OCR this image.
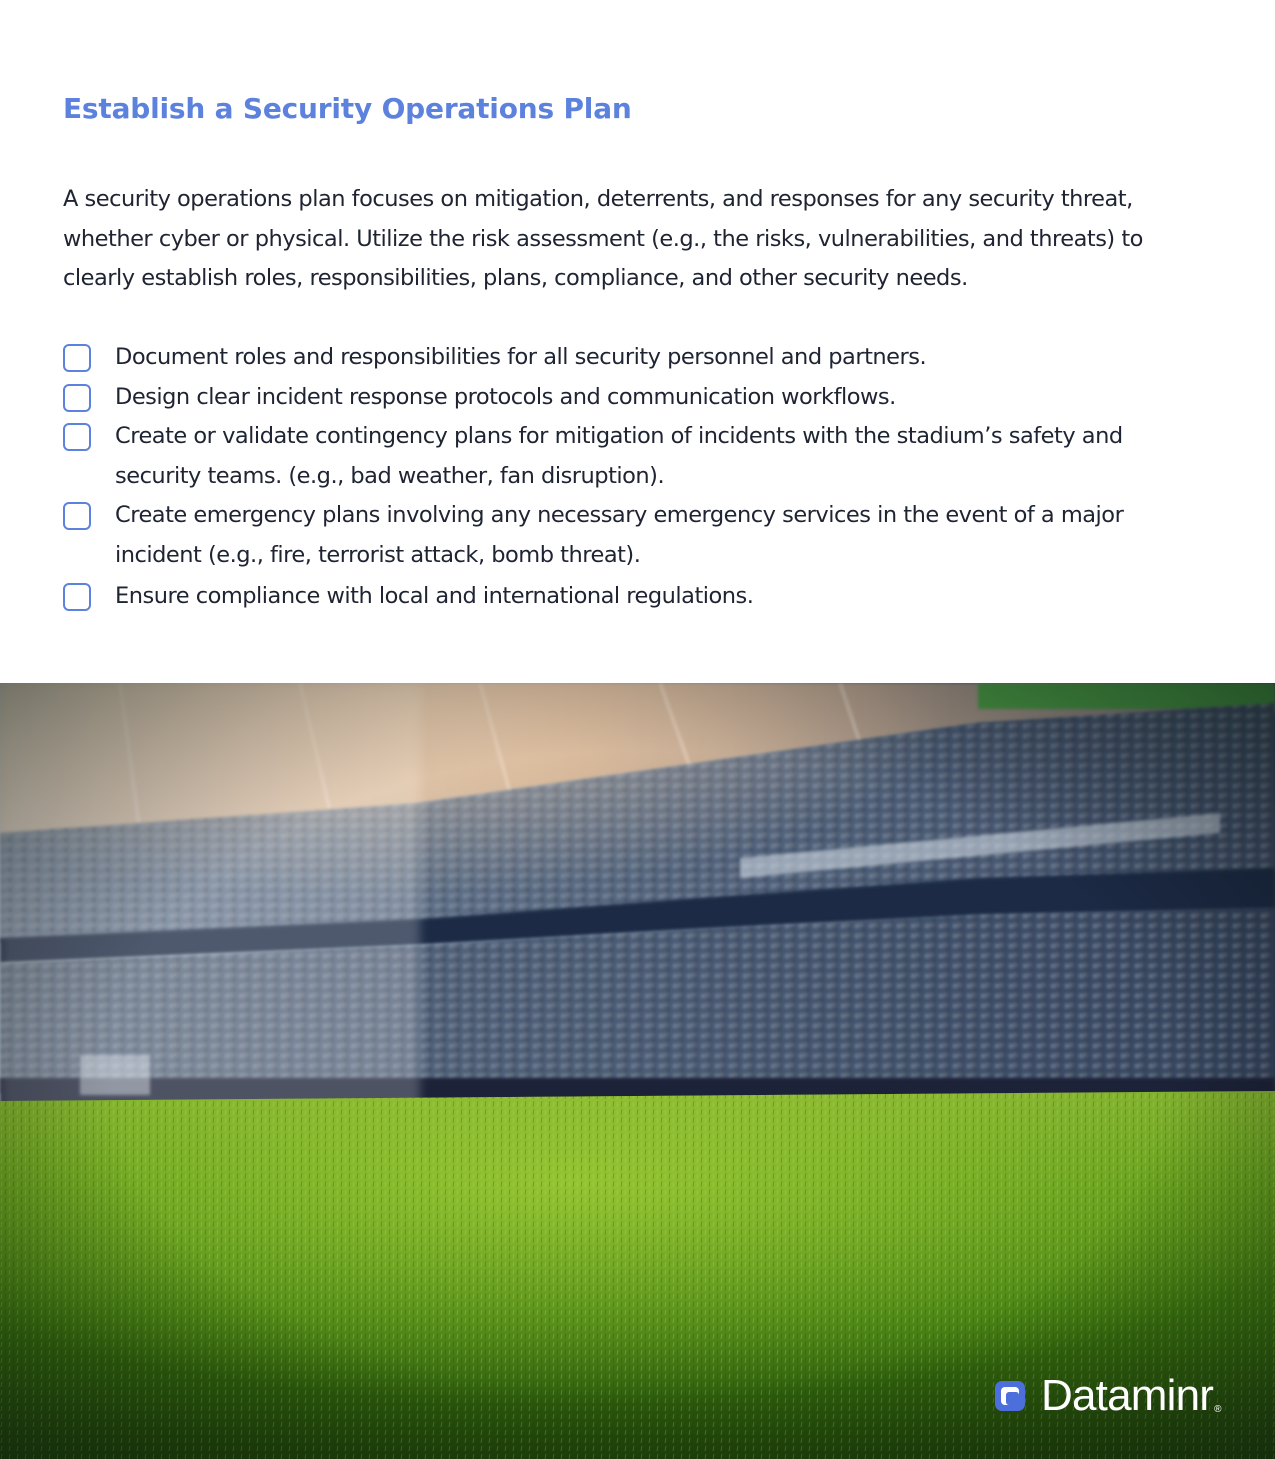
Establish a Security Operations Plan

A security operations plan focuses on mitigation, deterrents, and responses for any security threat, whether cyber or physical. Utilize the risk assessment (e.g., the risks, vulnerabilities, and threats) to clearly establish roles, responsibilities, plans, compliance, and other security needs.

Document roles and responsibilities for all security personnel and partners.
Design clear incident response protocols and communication workflows.
Create or validate contingency plans for mitigation of incidents with the stadium’s safety and security teams. (e.g., bad weather, fan disruption).
Create emergency plans involving any necessary emergency services in the event of a major incident (e.g., fire, terrorist attack, bomb threat).
Ensure compliance with local and international regulations.
Dataminr ®
